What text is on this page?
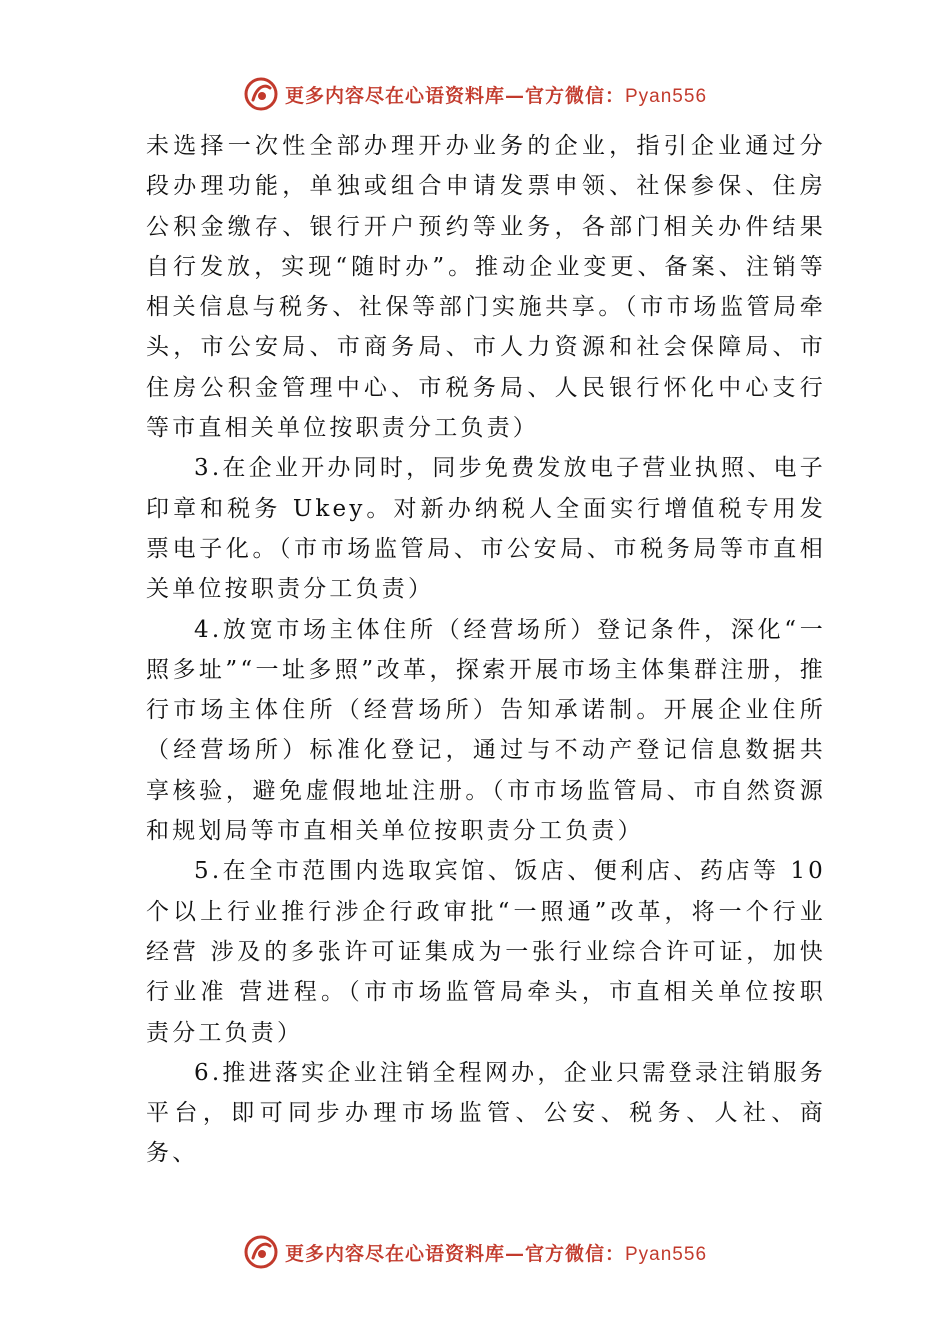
更多内容尽在心语资料库—官方微信：Pyan556

未选择一次性全部办理开办业务的企业，指引企业通过分段办理功能，单独或组合申请发票申领、社保参保、住房公积金缴存、银行开户预约等业务，各部门相关办件结果自行发放，实现“随时办”。推动企业变更、备案、注销等相关信息与税务、社保等部门实施共享。（市市场监管局牵头，市公安局、市商务局、市人力资源和社会保障局、市住房公积金管理中心、市税务局、人民银行怀化中心支行等市直相关单位按职责分工负责）

3.在企业开办同时，同步免费发放电子营业执照、电子印章和税务 Ukey。对新办纳税人全面实行增值税专用发票电子化。（市市场监管局、市公安局、市税务局等市直相关单位按职责分工负责）

4.放宽市场主体住所（经营场所）登记条件，深化“一照多址”“一址多照”改革，探索开展市场主体集群注册，推行市场主体住所（经营场所）告知承诺制。开展企业住所（经营场所）标准化登记，通过与不动产登记信息数据共享核验，避免虚假地址注册。（市市场监管局、市自然资源和规划局等市直相关单位按职责分工负责）

5.在全市范围内选取宾馆、饭店、便利店、药店等 10 个以上行业推行涉企行政审批“一照通”改革，将一个行业经营 涉及的多张许可证集成为一张行业综合许可证，加快行业准 营进程。（市市场监管局牵头，市直相关单位按职责分工负责）

6.推进落实企业注销全程网办，企业只需登录注销服务平台，即可同步办理市场监管、公安、税务、人社、商务、

更多内容尽在心语资料库—官方微信：Pyan556
